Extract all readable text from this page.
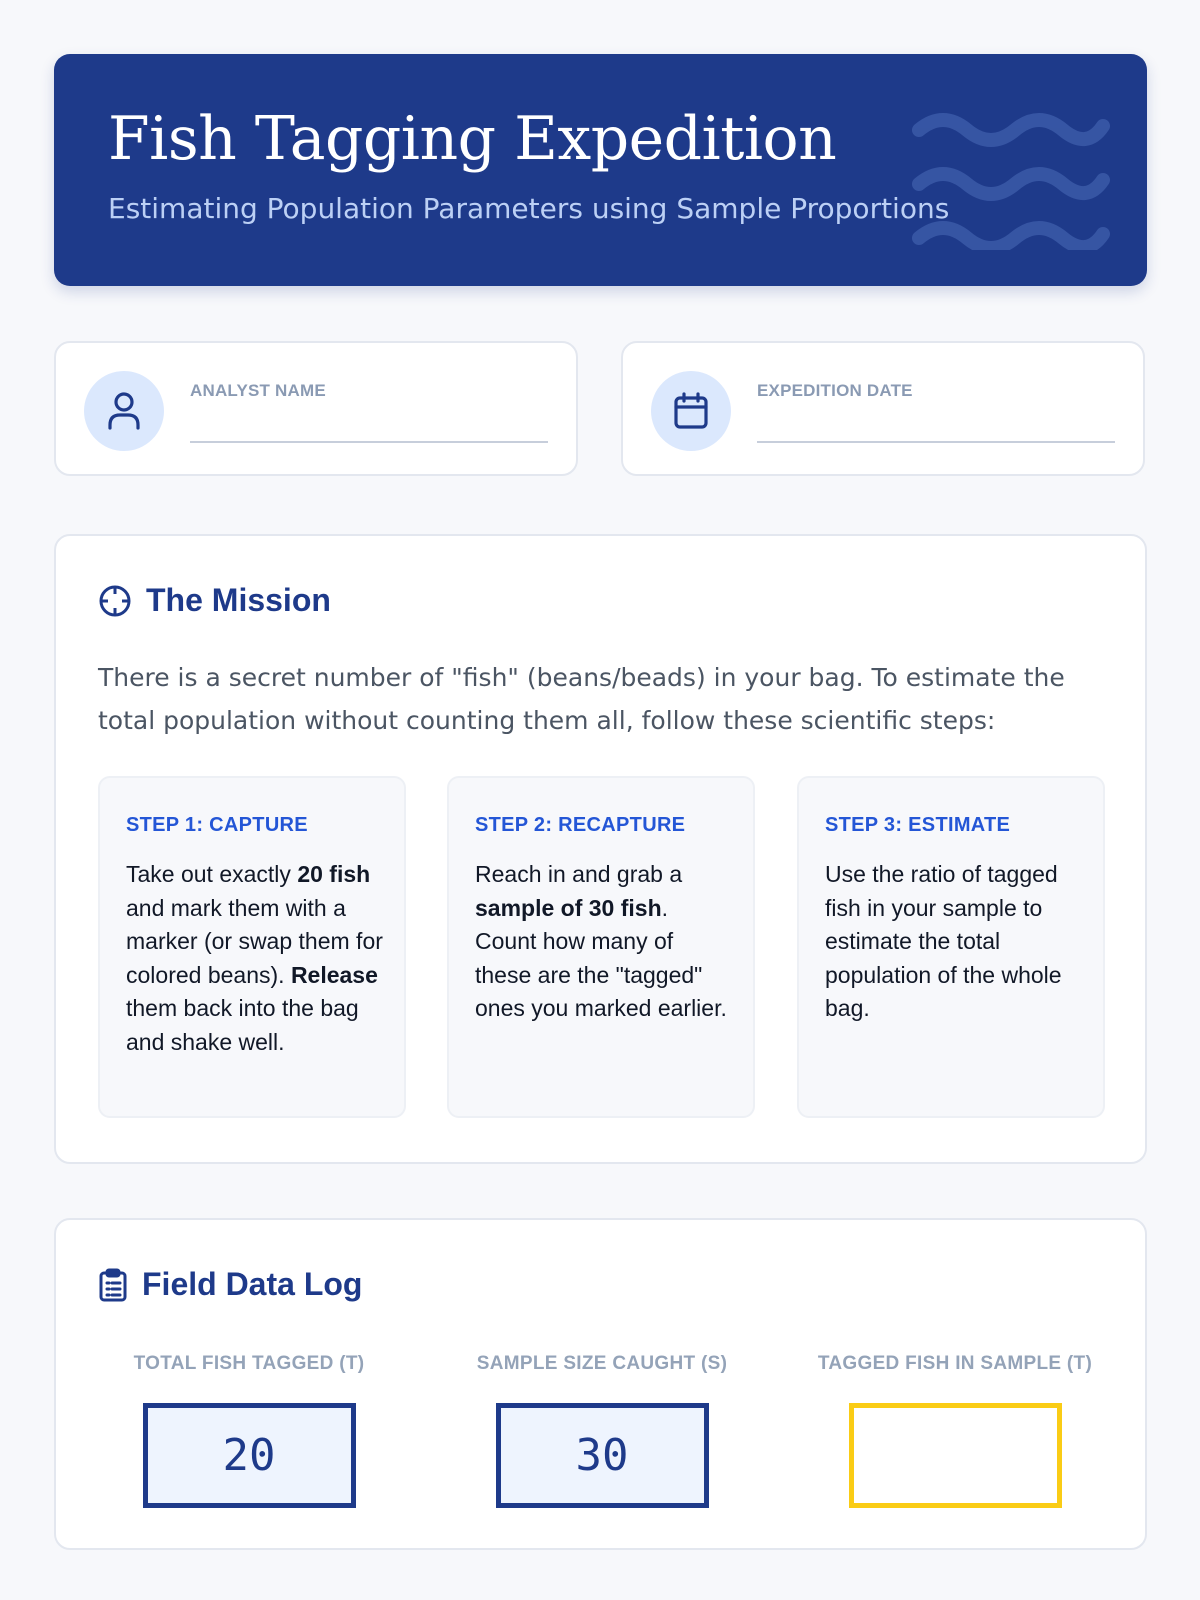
Fish Tagging Expedition
Estimating Population Parameters using Sample Proportions
ANALYST NAME	EXPEDITION DATE
The Mission
There is a secret number of "fish" (beans/beads) in your bag. To estimate the total population without counting them all, follow these scientific steps:
STEP 1: CAPTURE
Take out exactly 20 fish and mark them with a marker (or swap them for colored beans). Release them back into the bag and shake well.
STEP 2: RECAPTURE
Reach in and grab a sample of 30 fish. Count how many of these are the "tagged" ones you marked earlier.
STEP 3: ESTIMATE
Use the ratio of tagged fish in your sample to estimate the total population of the whole bag.
Field Data Log
TOTAL FISH TAGGED (T)
20
SAMPLE SIZE CAUGHT (S)
30
TAGGED FISH IN SAMPLE (T)
